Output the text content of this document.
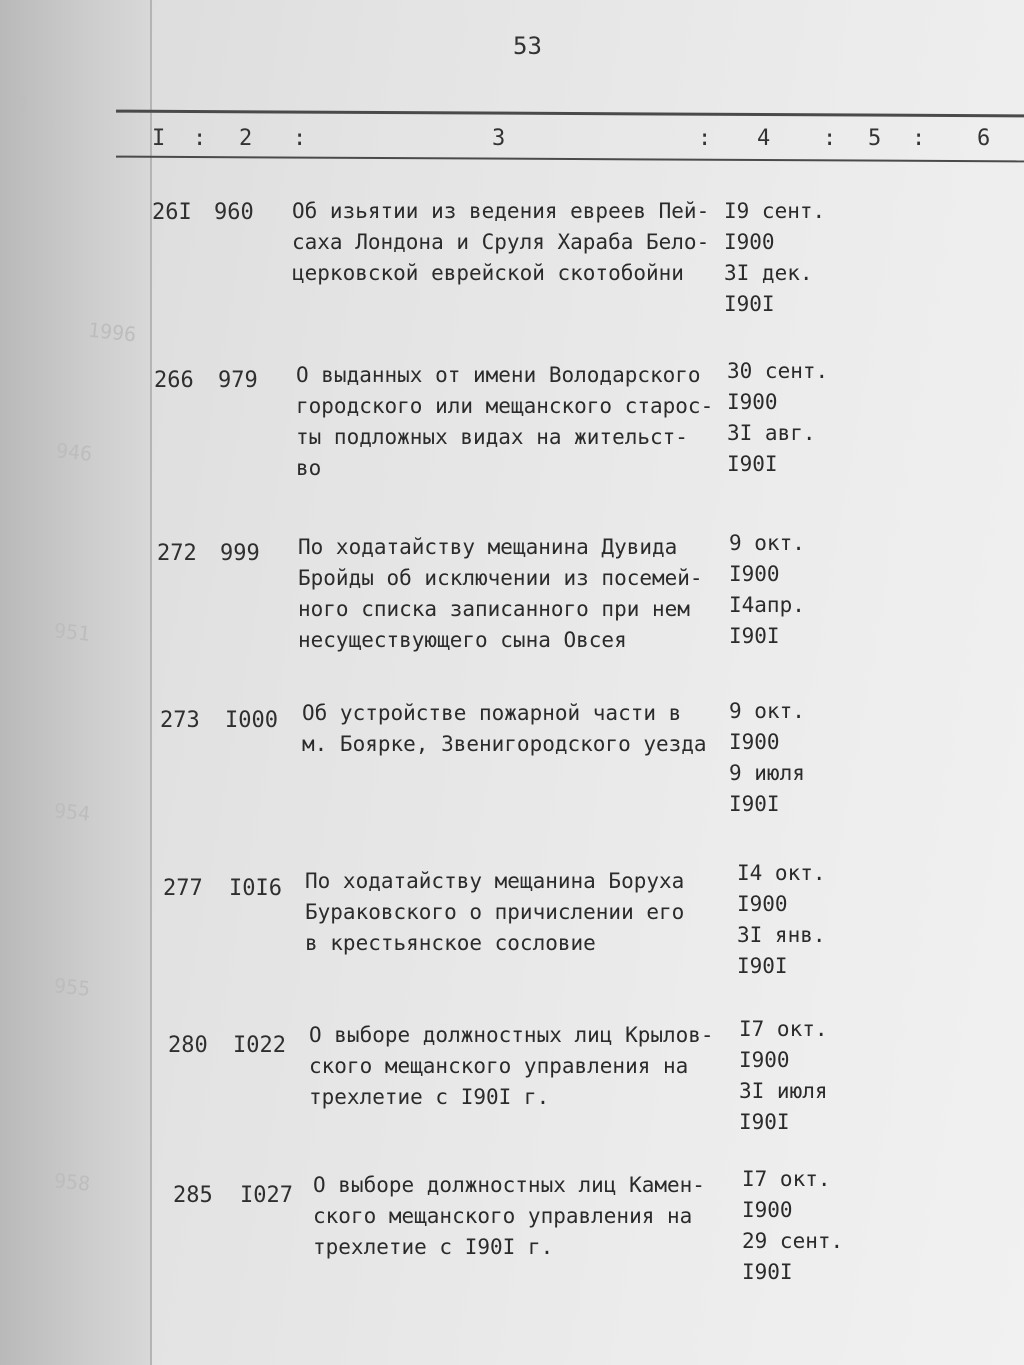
2
946
951
954
955
958
1996
53
I : 2 :	3	: 4 : 5 : 6
26I 960 Об изьятии из ведения евреев Пей-
саха Лондона и Сруля Хараба Бело-
церковской еврейской скотобойни
I9 сент.
I900
3I дек.
I90I
266 979 О выданных от имени Володарского
городского или мещанского старос-
ты подложных видах на жительст-
во
30 сент.
I900
3I авг.
I90I
272 999 По ходатайству мещанина Дувида
Бройды об исключении из посемей-
ного списка записанного при нем
несуществующего сына Овсея
9 окт.
I900
I4апр.
I90I
273 I000 Об устройстве пожарной части в
м. Боярке, Звенигородского уезда
9 окт.
I900
9 июля
I90I
277 I0I6 По ходатайству мещанина Боруха
Бураковского о причислении его
в крестьянское сословие
I4 окт.
I900
3I янв.
I90I
280 I022 О выборе должностных лиц Крылов-
ского мещанского управления на
трехлетие с I90I г.
I7 окт.
I900
3I июля
I90I
285 I027 О выборе должностных лиц Камен-
ского мещанского управления на
трехлетие с I90I г.
I7 окт.
I900
29 сент.
I90I
